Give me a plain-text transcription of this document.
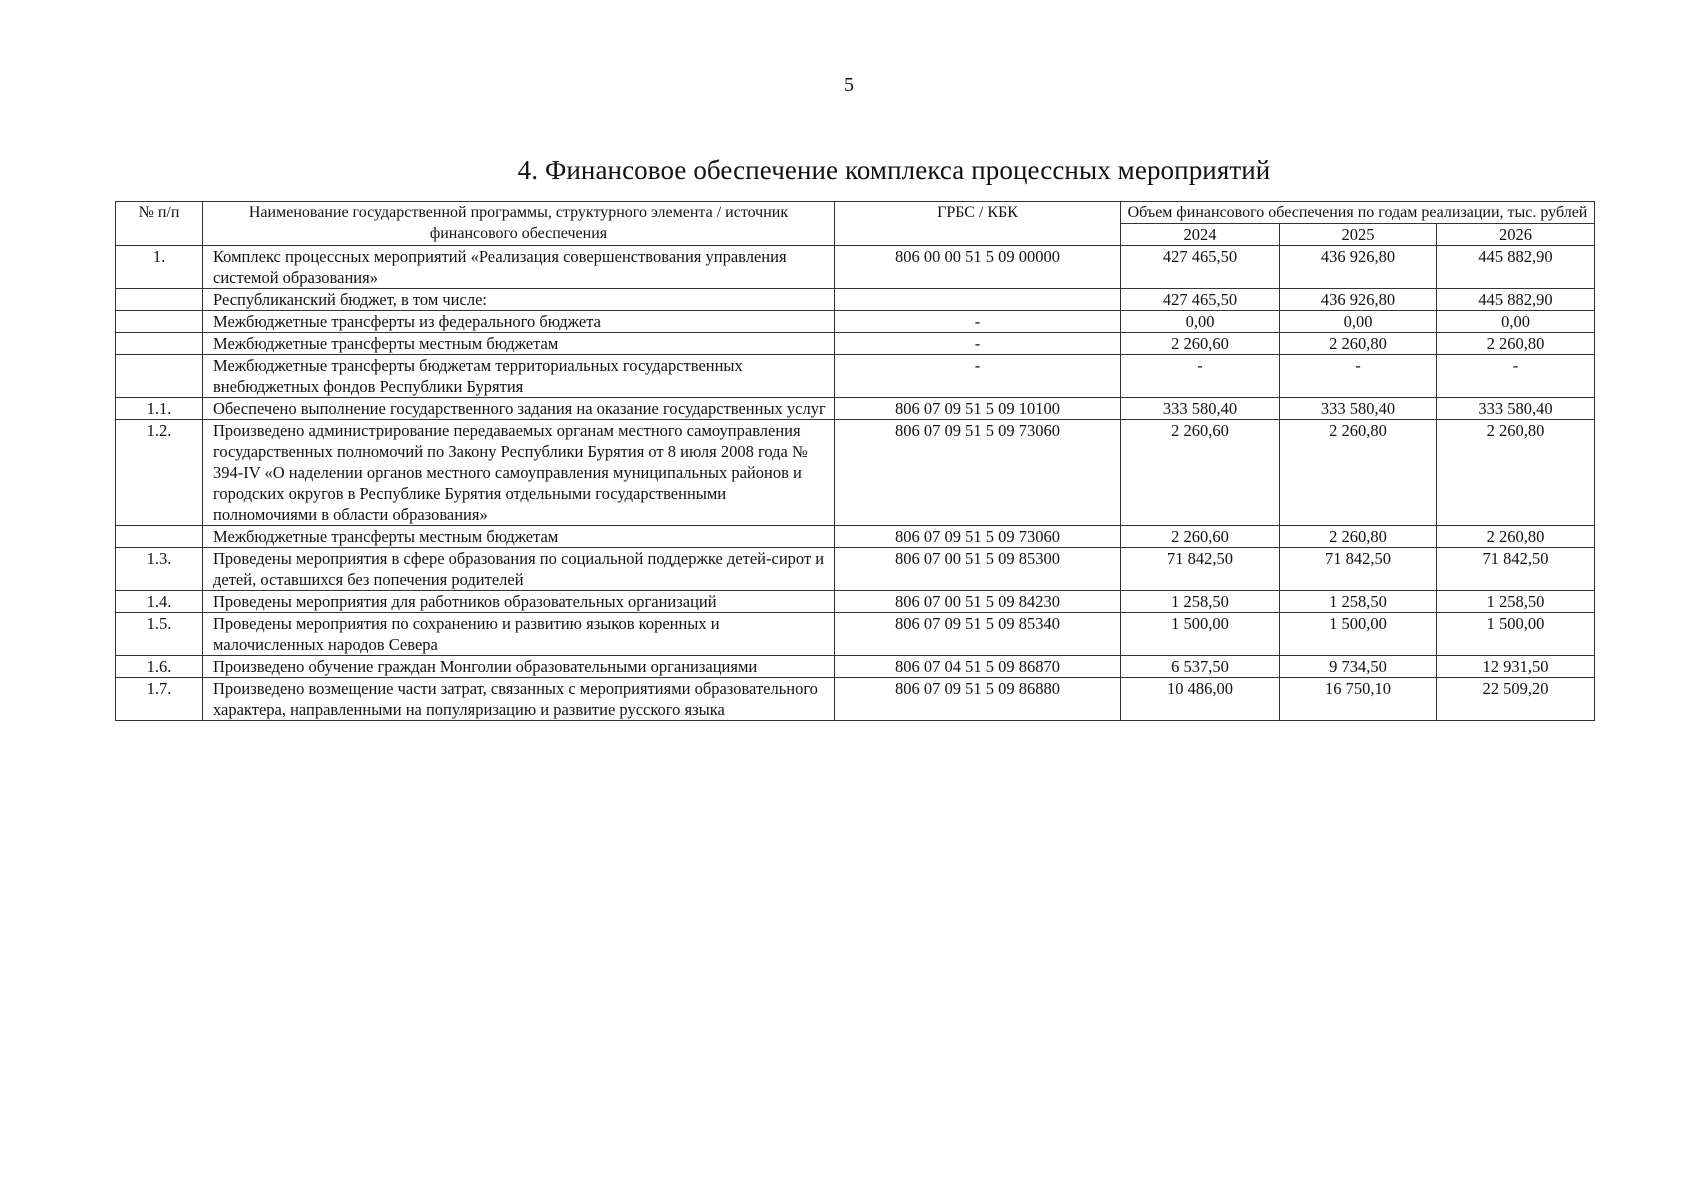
5
4. Финансовое обеспечение комплекса процессных мероприятий
№ п/п	Наименование государственной программы, структурного элемента / источник финансового обеспечения	ГРБС / КБК	Объем финансового обеспечения по годам реализации, тыс. рублей		
			2024	2025	2026
1.	Комплекс процессных мероприятий «Реализация совершенствования управления системой образования»	806 00 00 51 5 09 00000	427 465,50	436 926,80	445 882,90
	Республиканский бюджет, в том числе:		427 465,50	436 926,80	445 882,90
	Межбюджетные трансферты из федерального бюджета	-	0,00	0,00	0,00
	Межбюджетные трансферты местным бюджетам	-	2 260,60	2 260,80	2 260,80
	Межбюджетные трансферты бюджетам территориальных государственных внебюджетных фондов Республики Бурятия	-	-	-	-
1.1.	Обеспечено выполнение государственного задания на оказание государственных услуг	806 07 09 51 5 09 10100	333 580,40	333 580,40	333 580,40
1.2.	Произведено администрирование передаваемых органам местного самоуправления государственных полномочий по Закону Республики Бурятия от 8 июля 2008 года № 394-IV «О наделении органов местного самоуправления муниципальных районов и городских округов в Республике Бурятия отдельными государственными полномочиями в области образования»	806 07 09 51 5 09 73060	2 260,60	2 260,80	2 260,80
	Межбюджетные трансферты местным бюджетам	806 07 09 51 5 09 73060	2 260,60	2 260,80	2 260,80
1.3.	Проведены мероприятия в сфере образования по социальной поддержке детей-сирот и детей, оставшихся без попечения родителей	806 07 00 51 5 09 85300	71 842,50	71 842,50	71 842,50
1.4.	Проведены мероприятия для работников образовательных организаций	806 07 00 51 5 09 84230	1 258,50	1 258,50	1 258,50
1.5.	Проведены мероприятия по сохранению и развитию языков коренных и малочисленных народов Севера	806 07 09 51 5 09 85340	1 500,00	1 500,00	1 500,00
1.6.	Произведено обучение граждан Монголии образовательными организациями	806 07 04 51 5 09 86870	6 537,50	9 734,50	12 931,50
1.7.	Произведено возмещение части затрат, связанных с мероприятиями образовательного характера, направленными на популяризацию и развитие русского языка	806 07 09 51 5 09 86880	10 486,00	16 750,10	22 509,20
